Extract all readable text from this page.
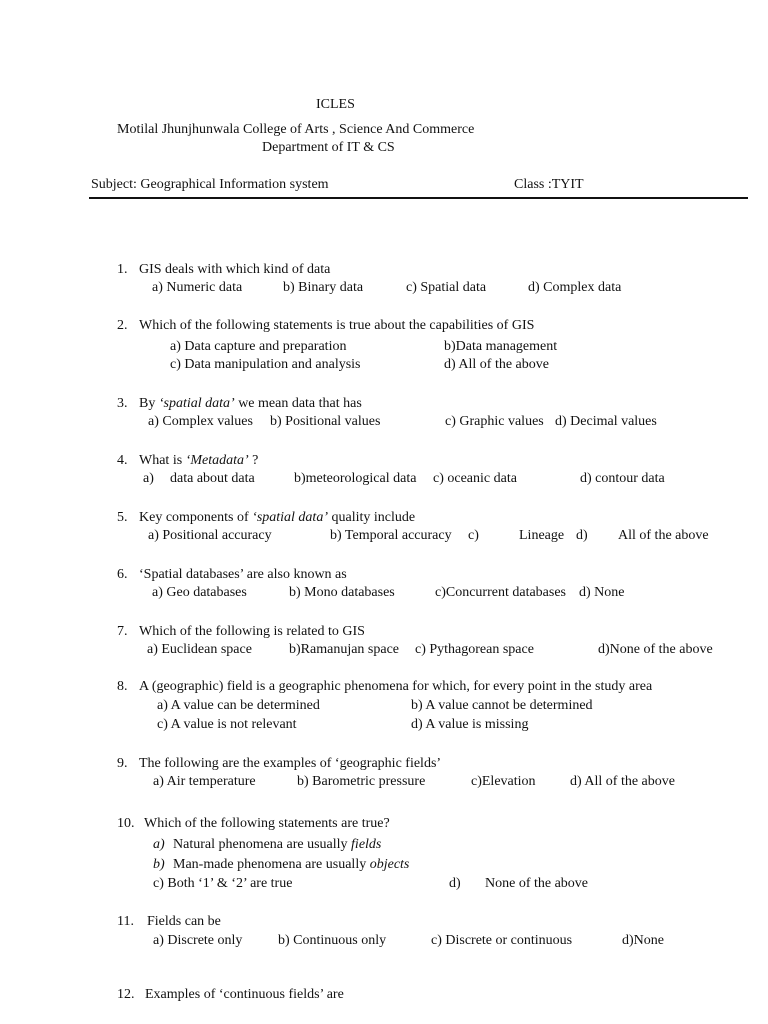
ICLES
Motilal Jhunjhunwala College of Arts , Science And Commerce
Department of IT & CS
Subject: Geographical Information system	Class :TYIT
1. GIS deals with which kind of data
a) Numeric data	b) Binary data	c) Spatial data	d) Complex data
2. Which of the following statements is true about the capabilities of GIS
a) Data capture and preparation	b)Data management
c) Data manipulation and analysis	d) All of the above
3. By ‘spatial data’ we mean data that has
a) Complex values b) Positional values	c) Graphic values d) Decimal values
4. What is ‘Metadata’ ?
a) data about data	b)meteorological data c) oceanic data	d) contour data
5. Key components of ‘spatial data’ quality include
a) Positional accuracy	b) Temporal accuracy c)	Lineage d) All of the above
6. ‘Spatial databases’ are also known as
a) Geo databases	b) Mono databases	c)Concurrent databases d) None
7. Which of the following is related to GIS
a) Euclidean space	b)Ramanujan space c) Pythagorean space	d)None of the above
8. A (geographic) field is a geographic phenomena for which, for every point in the study area
a) A value can be determined	b) A value cannot be determined
c) A value is not relevant	d) A value is missing
9. The following are the examples of ‘geographic fields’
a) Air temperature	b) Barometric pressure	c)Elevation d) All of the above
10. Which of the following statements are true?
a) Natural phenomena are usually fields
b) Man-made phenomena are usually objects
c) Both ‘1’ & ‘2’ are true	d) None of the above
11. Fields can be
a) Discrete only	b) Continuous only	c) Discrete or continuous	d)None
12. Examples of ‘continuous fields’ are
